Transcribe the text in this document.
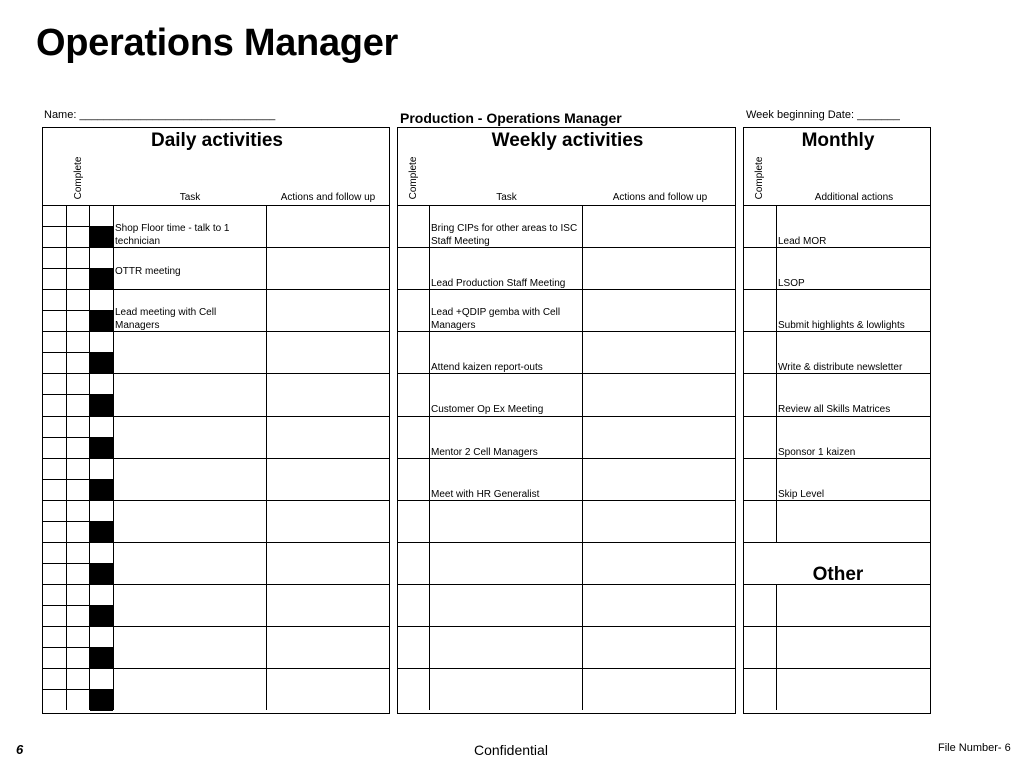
Operations Manager
Name: ________________________________	Production - Operations Manager	Week beginning Date: _______
Daily activities
Complete	Task	Actions and follow up
Shop Floor time - talk to 1 technician
OTTR meeting
Lead meeting with Cell Managers
Weekly activities
Complete	Task	Actions and follow up
Bring CIPs for other areas to ISC Staff Meeting
Lead Production Staff Meeting
Lead +QDIP gemba with Cell Managers
Attend kaizen report-outs
Customer Op Ex Meeting
Mentor 2 Cell Managers
Meet with HR Generalist
Monthly
Complete	Additional actions
Lead MOR
LSOP
Submit highlights & lowlights
Write & distribute newsletter
Review all Skills Matrices
Sponsor 1 kaizen
Skip Level
Other
6	Confidential	File Number- 6
